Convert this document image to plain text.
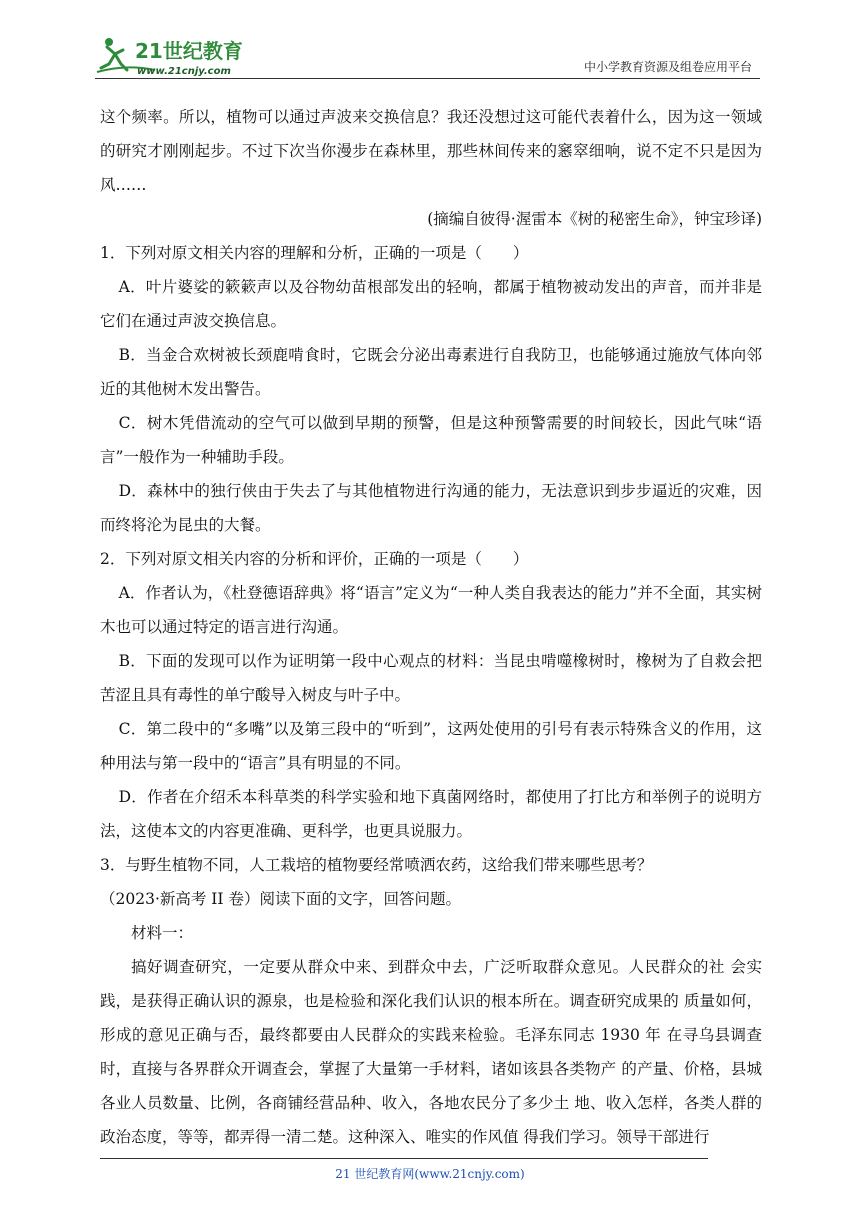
21世纪教育
www.21cnjy.com	中小学教育资源及组卷应用平台

这个频率。所以，植物可以通过声波来交换信息？我还没想过这可能代表着什么，因为这一领域的研究才刚刚起步。不过下次当你漫步在森林里，那些林间传来的窸窣细响，说不定不只是因为风……

(摘编自彼得·渥雷本《树的秘密生命》，钟宝珍译)

1．下列对原文相关内容的理解和分析，正确的一项是（　　）

A．叶片婆娑的簌簌声以及谷物幼苗根部发出的轻响，都属于植物被动发出的声音，而并非是它们在通过声波交换信息。

B．当金合欢树被长颈鹿啃食时，它既会分泌出毒素进行自我防卫，也能够通过施放气体向邻近的其他树木发出警告。

C．树木凭借流动的空气可以做到早期的预警，但是这种预警需要的时间较长，因此气味“语言”一般作为一种辅助手段。

D．森林中的独行侠由于失去了与其他植物进行沟通的能力，无法意识到步步逼近的灾难，因而终将沦为昆虫的大餐。

2．下列对原文相关内容的分析和评价，正确的一项是（　　）

A．作者认为，《杜登德语辞典》将“语言”定义为“一种人类自我表达的能力”并不全面，其实树木也可以通过特定的语言进行沟通。

B．下面的发现可以作为证明第一段中心观点的材料：当昆虫啃噬橡树时，橡树为了自救会把苦涩且具有毒性的单宁酸导入树皮与叶子中。

C．第二段中的“多嘴”以及第三段中的“听到”，这两处使用的引号有表示特殊含义的作用，这种用法与第一段中的“语言”具有明显的不同。

D．作者在介绍禾本科草类的科学实验和地下真菌网络时，都使用了打比方和举例子的说明方法，这使本文的内容更准确、更科学，也更具说服力。

3．与野生植物不同，人工栽培的植物要经常喷洒农药，这给我们带来哪些思考？

（2023·新高考 II 卷）阅读下面的文字，回答问题。

材料一：

搞好调查研究，一定要从群众中来、到群众中去，广泛听取群众意见。人民群众的社 会实践，是获得正确认识的源泉，也是检验和深化我们认识的根本所在。调查研究成果的 质量如何，形成的意见正确与否，最终都要由人民群众的实践来检验。毛泽东同志 1930 年 在寻乌县调查时，直接与各界群众开调查会，掌握了大量第一手材料，诸如该县各类物产 的产量、价格，县城各业人员数量、比例，各商铺经营品种、收入，各地农民分了多少土 地、收入怎样，各类人群的政治态度，等等，都弄得一清二楚。这种深入、唯实的作风值 得我们学习。领导干部进行

21 世纪教育网(www.21cnjy.com)
